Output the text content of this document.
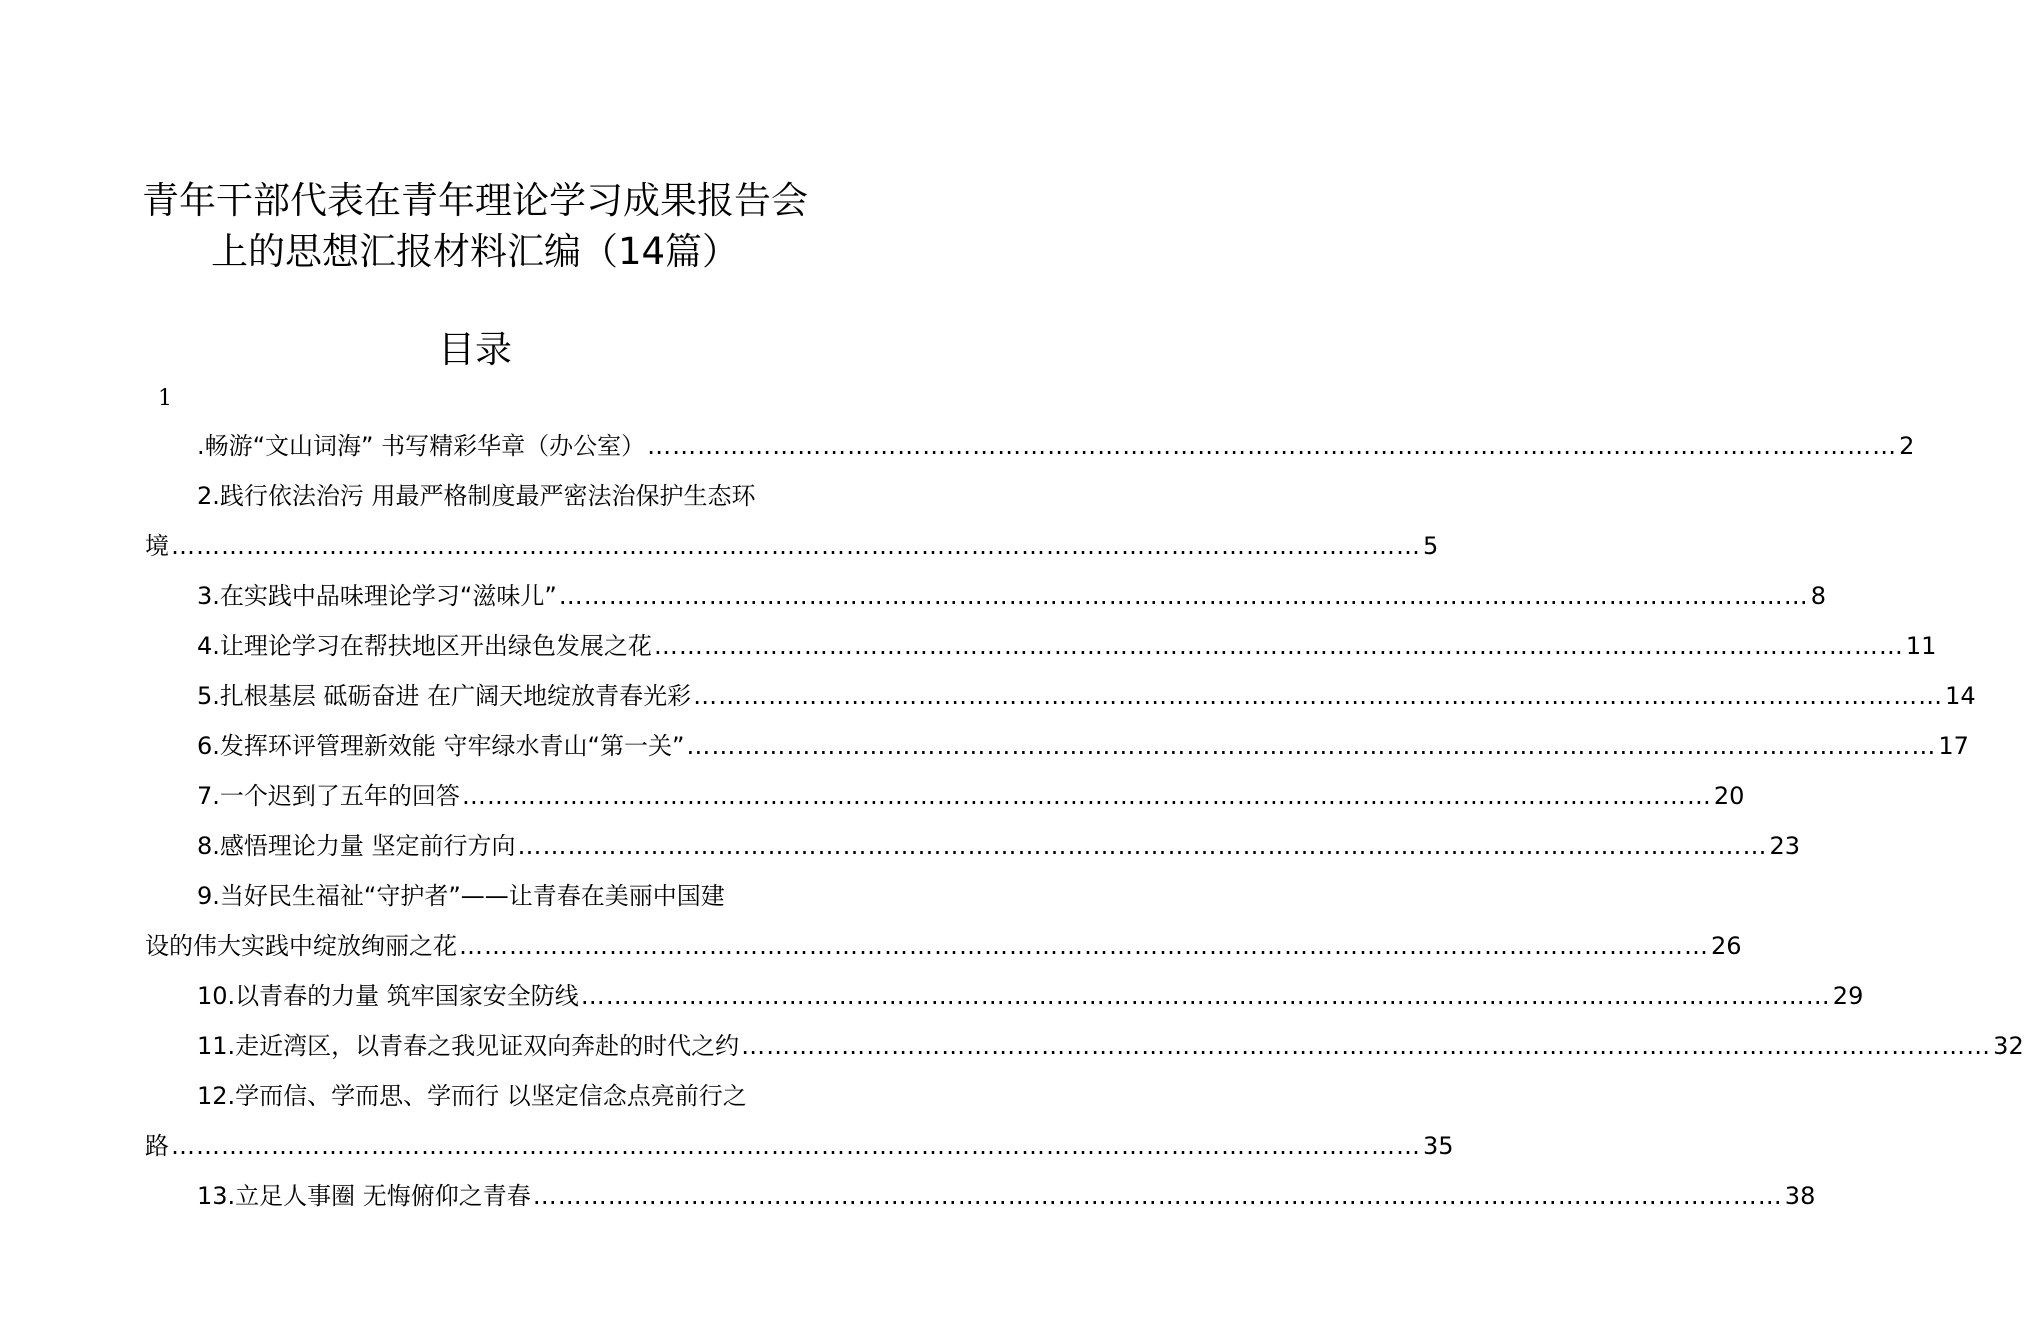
青年干部代表在青年理论学习成果报告会
上的思想汇报材料汇编（14篇）
目录
1
.畅游“文山词海” 书写精彩华章（办公室） …………………………………………………………………………………………………………………………………… 2
2.践行依法治污 用最严格制度最严密法治保护生态环
境 …………………………………………………………………………………………………………………………………… 5
3.在实践中品味理论学习“滋味儿” …………………………………………………………………………………………………………………………………… 8
4.让理论学习在帮扶地区开出绿色发展之花 …………………………………………………………………………………………………………………………………… 11
5.扎根基层 砥砺奋进 在广阔天地绽放青春光彩 …………………………………………………………………………………………………………………………………… 14
6.发挥环评管理新效能 守牢绿水青山“第一关” …………………………………………………………………………………………………………………………………… 17
7.一个迟到了五年的回答 …………………………………………………………………………………………………………………………………… 20
8.感悟理论力量 坚定前行方向 …………………………………………………………………………………………………………………………………… 23
9.当好民生福祉“守护者”——让青春在美丽中国建
设的伟大实践中绽放绚丽之花 …………………………………………………………………………………………………………………………………… 26
10.以青春的力量 筑牢国家安全防线 …………………………………………………………………………………………………………………………………… 29
11.走近湾区，以青春之我见证双向奔赴的时代之约 …………………………………………………………………………………………………………………………………… 32
12.学而信、学而思、学而行 以坚定信念点亮前行之
路 …………………………………………………………………………………………………………………………………… 35
13.立足人事圈 无悔俯仰之青春 …………………………………………………………………………………………………………………………………… 38
